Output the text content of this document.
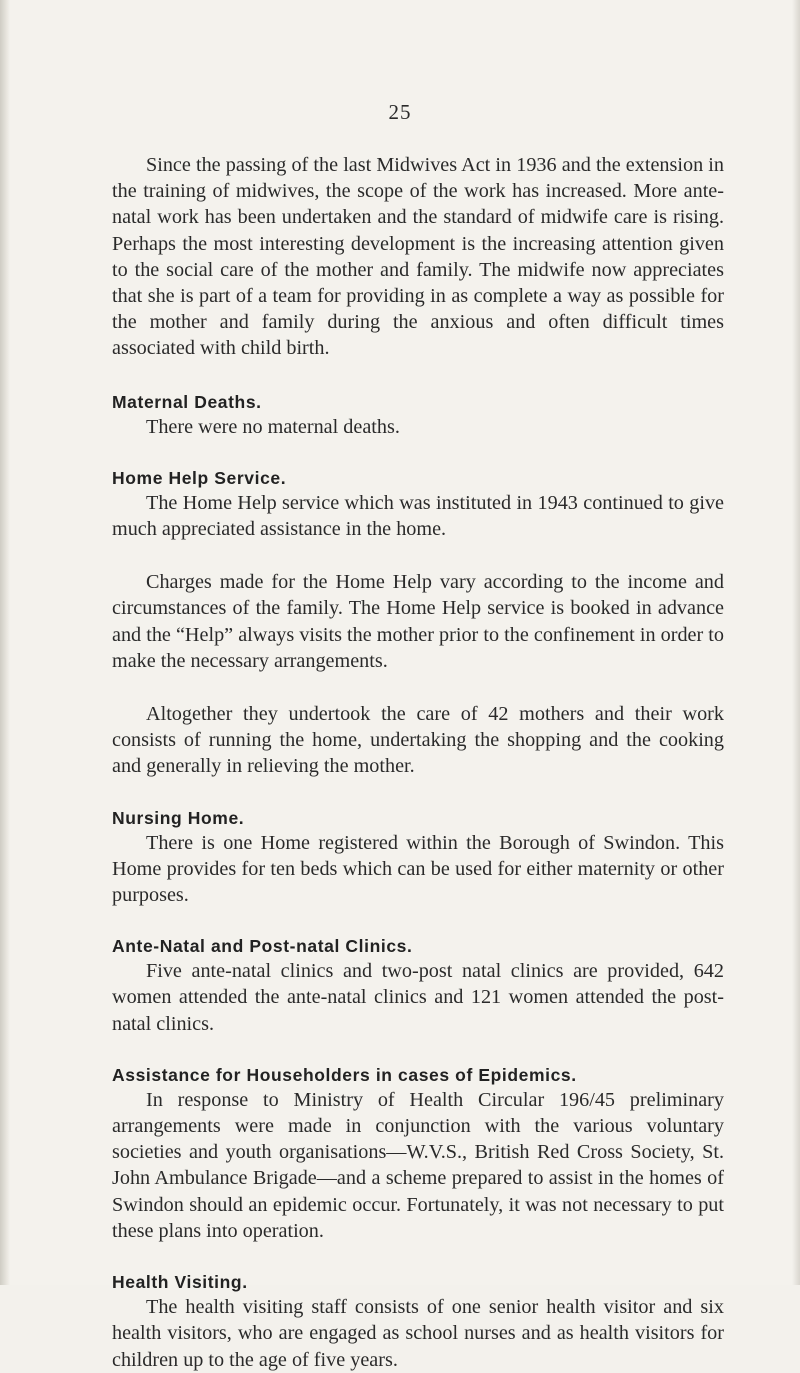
25

Since the passing of the last Midwives Act in 1936 and the extension in the training of midwives, the scope of the work has increased. More ante-natal work has been undertaken and the standard of midwife care is rising. Perhaps the most interesting development is the increasing attention given to the social care of the mother and family. The midwife now appreciates that she is part of a team for providing in as complete a way as possible for the mother and family during the anxious and often difficult times associated with child birth.

Maternal Deaths.

There were no maternal deaths.

Home Help Service.

The Home Help service which was instituted in 1943 continued to give much appreciated assistance in the home.

Charges made for the Home Help vary according to the income and circumstances of the family. The Home Help service is booked in advance and the “Help” always visits the mother prior to the confinement in order to make the necessary arrangements.

Altogether they undertook the care of 42 mothers and their work consists of running the home, undertaking the shopping and the cooking and generally in relieving the mother.

Nursing Home.

There is one Home registered within the Borough of Swindon. This Home provides for ten beds which can be used for either maternity or other purposes.

Ante-Natal and Post-natal Clinics.

Five ante-natal clinics and two-post natal clinics are provided, 642 women attended the ante-natal clinics and 121 women attended the post-natal clinics.

Assistance for Householders in cases of Epidemics.

In response to Ministry of Health Circular 196/45 preliminary arrangements were made in conjunction with the various voluntary societies and youth organisations—W.V.S., British Red Cross Society, St. John Ambulance Brigade—and a scheme prepared to assist in the homes of Swindon should an epidemic occur. Fortunately, it was not necessary to put these plans into operation.

Health Visiting.

The health visiting staff consists of one senior health visitor and six health visitors, who are engaged as school nurses and as health visitors for children up to the age of five years.
